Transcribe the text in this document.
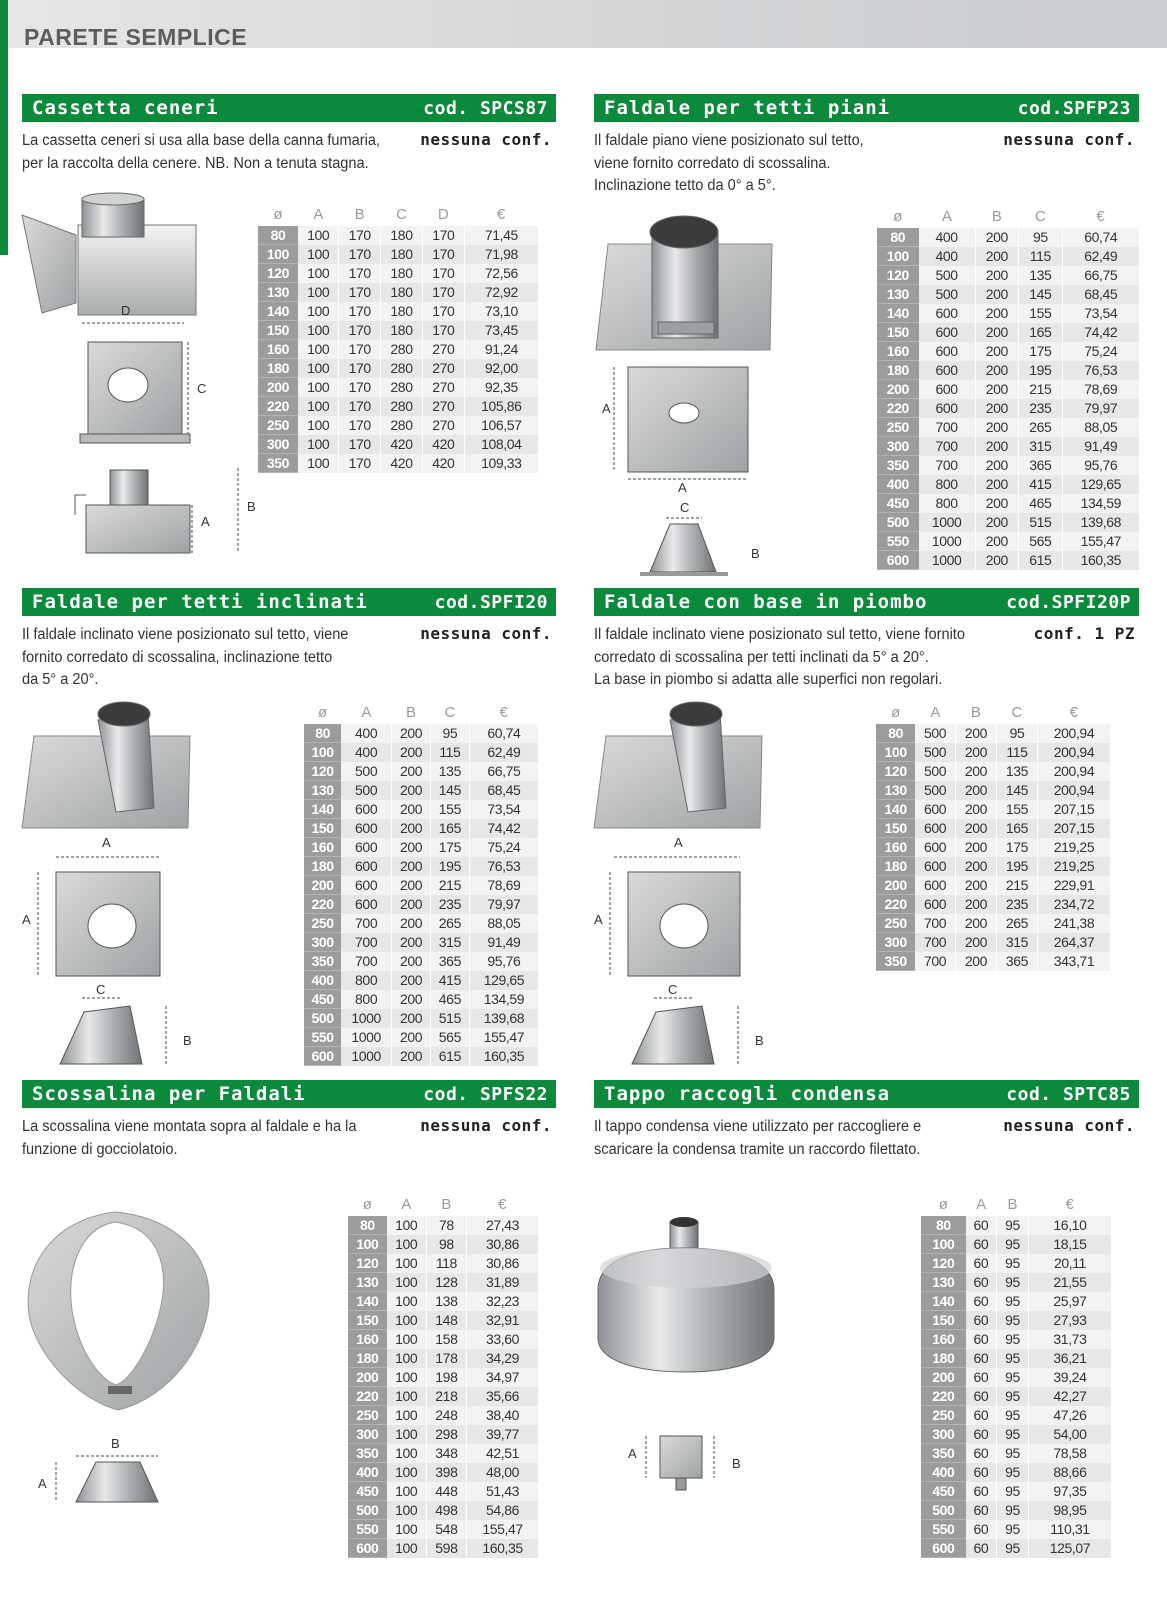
PARETE SEMPLICE
Cassetta ceneri	cod. SPCS87
La cassetta ceneri si usa alla base della canna fumaria,
per la raccolta della cenere. NB. Non a tenuta stagna.
nessuna conf.
ø	A	B	C	D	€
80	100	170	180	170	71,45
100	100	170	180	170	71,98
120	100	170	180	170	72,56
130	100	170	180	170	72,92
140	100	170	180	170	73,10
150	100	170	180	170	73,45
160	100	170	280	270	91,24
180	100	170	280	270	92,00
200	100	170	280	270	92,35
220	100	170	280	270	105,86
250	100	170	280	270	106,57
300	100	170	420	420	108,04
350	100	170	420	420	109,33
D
C
A
B
Faldale per tetti piani	cod.SPFP23
Il faldale piano viene posizionato sul tetto,
viene fornito corredato di scossalina.
Inclinazione tetto da 0° a 5°.
nessuna conf.
ø	A	B	C	€
80	400	200	95	60,74
100	400	200	115	62,49
120	500	200	135	66,75
130	500	200	145	68,45
140	600	200	155	73,54
150	600	200	165	74,42
160	600	200	175	75,24
180	600	200	195	76,53
200	600	200	215	78,69
220	600	200	235	79,97
250	700	200	265	88,05
300	700	200	315	91,49
350	700	200	365	95,76
400	800	200	415	129,65
450	800	200	465	134,59
500	1000	200	515	139,68
550	1000	200	565	155,47
600	1000	200	615	160,35
A
A
C
B
Faldale per tetti inclinati	cod.SPFI20
Il faldale inclinato viene posizionato sul tetto, viene
fornito corredato di scossalina, inclinazione tetto
da 5° a 20°.
nessuna conf.
ø	A	B	C	€
80	400	200	95	60,74
100	400	200	115	62,49
120	500	200	135	66,75
130	500	200	145	68,45
140	600	200	155	73,54
150	600	200	165	74,42
160	600	200	175	75,24
180	600	200	195	76,53
200	600	200	215	78,69
220	600	200	235	79,97
250	700	200	265	88,05
300	700	200	315	91,49
350	700	200	365	95,76
400	800	200	415	129,65
450	800	200	465	134,59
500	1000	200	515	139,68
550	1000	200	565	155,47
600	1000	200	615	160,35
A
A
C
B
Faldale con base in piombo	cod.SPFI20P
Il faldale inclinato viene posizionato sul tetto, viene fornito
corredato di scossalina per tetti inclinati da 5° a 20°.
La base in piombo si adatta alle superfici non regolari.
conf. 1 PZ
ø	A	B	C	€
80	500	200	95	200,94
100	500	200	115	200,94
120	500	200	135	200,94
130	500	200	145	200,94
140	600	200	155	207,15
150	600	200	165	207,15
160	600	200	175	219,25
180	600	200	195	219,25
200	600	200	215	229,91
220	600	200	235	234,72
250	700	200	265	241,38
300	700	200	315	264,37
350	700	200	365	343,71
A
A
C
B
Scossalina per Faldali	cod. SPFS22
La scossalina viene montata sopra al faldale e ha la
funzione di gocciolatoio.
nessuna conf.
ø	A	B	€
80	100	78	27,43
100	100	98	30,86
120	100	118	30,86
130	100	128	31,89
140	100	138	32,23
150	100	148	32,91
160	100	158	33,60
180	100	178	34,29
200	100	198	34,97
220	100	218	35,66
250	100	248	38,40
300	100	298	39,77
350	100	348	42,51
400	100	398	48,00
450	100	448	51,43
500	100	498	54,86
550	100	548	155,47
600	100	598	160,35
B
A
Tappo raccogli condensa	cod. SPTC85
Il tappo condensa viene utilizzato per raccogliere e
scaricare la condensa tramite un raccordo filettato.
nessuna conf.
ø	A	B	€
80	60	95	16,10
100	60	95	18,15
120	60	95	20,11
130	60	95	21,55
140	60	95	25,97
150	60	95	27,93
160	60	95	31,73
180	60	95	36,21
200	60	95	39,24
220	60	95	42,27
250	60	95	47,26
300	60	95	54,00
350	60	95	78,58
400	60	95	88,66
450	60	95	97,35
500	60	95	98,95
550	60	95	110,31
600	60	95	125,07
A
B
